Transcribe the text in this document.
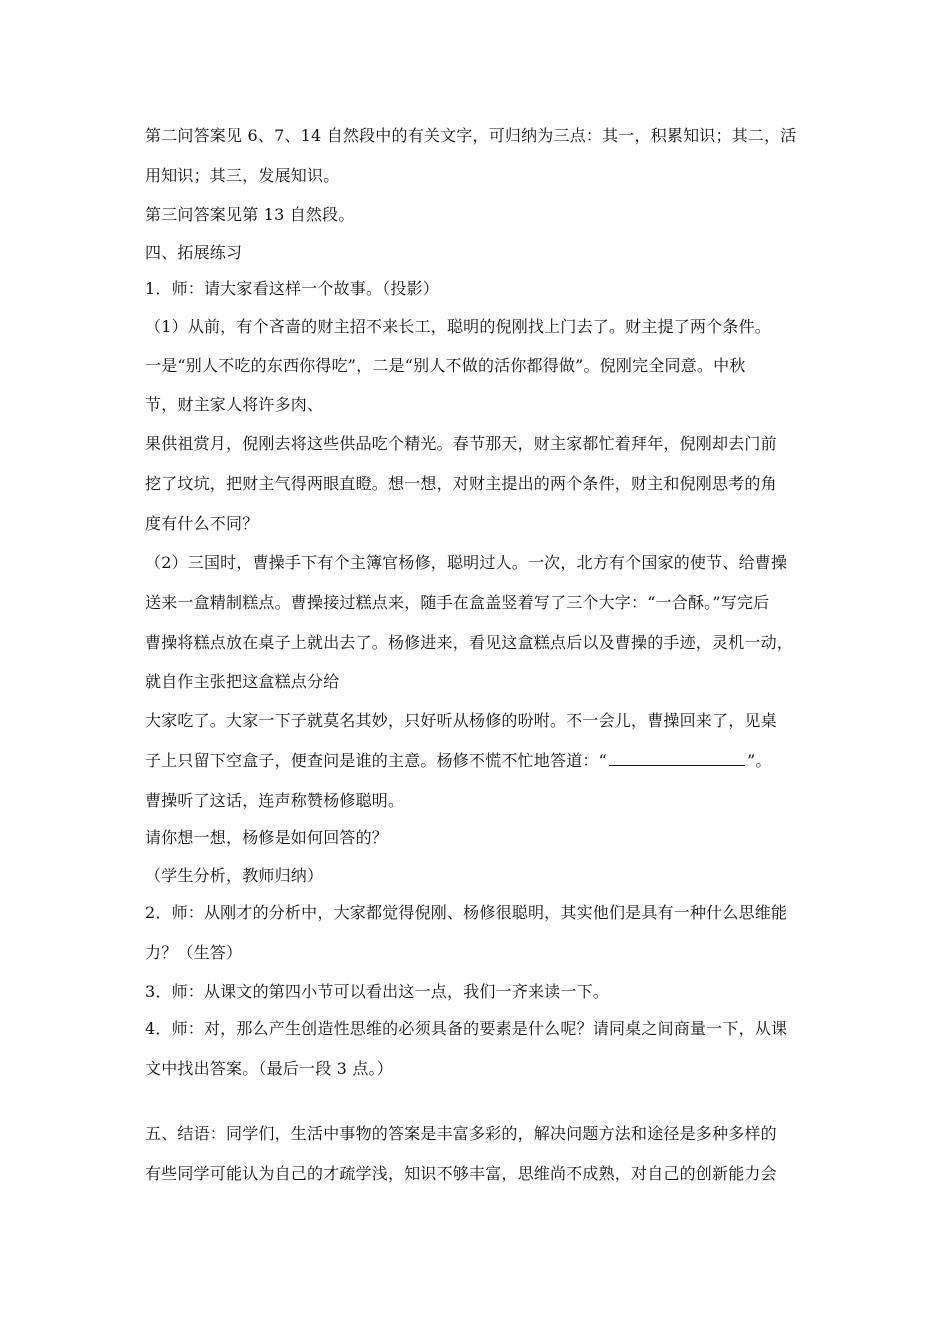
第二问答案见 6、7、14 自然段中的有关文字，可归纳为三点：其一，积累知识；其二，活
用知识；其三，发展知识。
第三问答案见第 13 自然段。
四、拓展练习
1．师：请大家看这样一个故事。（投影）
（1）从前，有个吝啬的财主招不来长工，聪明的倪刚找上门去了。财主提了两个条件。
一是“别人不吃的东西你得吃”，二是“别人不做的活你都得做”。倪刚完全同意。中秋
节，财主家人将许多肉、
果供祖赏月，倪刚去将这些供品吃个精光。春节那天，财主家都忙着拜年，倪刚却去门前
挖了坟坑，把财主气得两眼直瞪。想一想，对财主提出的两个条件，财主和倪刚思考的角
度有什么不同？
（2）三国时，曹操手下有个主簿官杨修，聪明过人。一次，北方有个国家的使节、给曹操
送来一盒精制糕点。曹操接过糕点来，随手在盒盖竖着写了三个大字：“一合酥。”写完后
曹操将糕点放在桌子上就出去了。杨修进来，看见这盒糕点后以及曹操的手迹，灵机一动，
就自作主张把这盒糕点分给
大家吃了。大家一下子就莫名其妙，只好听从杨修的吩咐。不一会儿，曹操回来了，见桌
子上只留下空盒子，便查问是谁的主意。杨修不慌不忙地答道：“	”。
曹操听了这话，连声称赞杨修聪明。
请你想一想，杨修是如何回答的？
（学生分析，教师归纳）
2．师：从刚才的分析中，大家都觉得倪刚、杨修很聪明，其实他们是具有一种什么思维能
力？（生答）
3．师：从课文的第四小节可以看出这一点，我们一齐来读一下。
4．师：对，那么产生创造性思维的必须具备的要素是什么呢？请同桌之间商量一下，从课
文中找出答案。（最后一段 3 点。）
五、结语：同学们，生活中事物的答案是丰富多彩的，解决问题方法和途径是多种多样的
有些同学可能认为自己的才疏学浅，知识不够丰富，思维尚不成熟，对自己的创新能力会
